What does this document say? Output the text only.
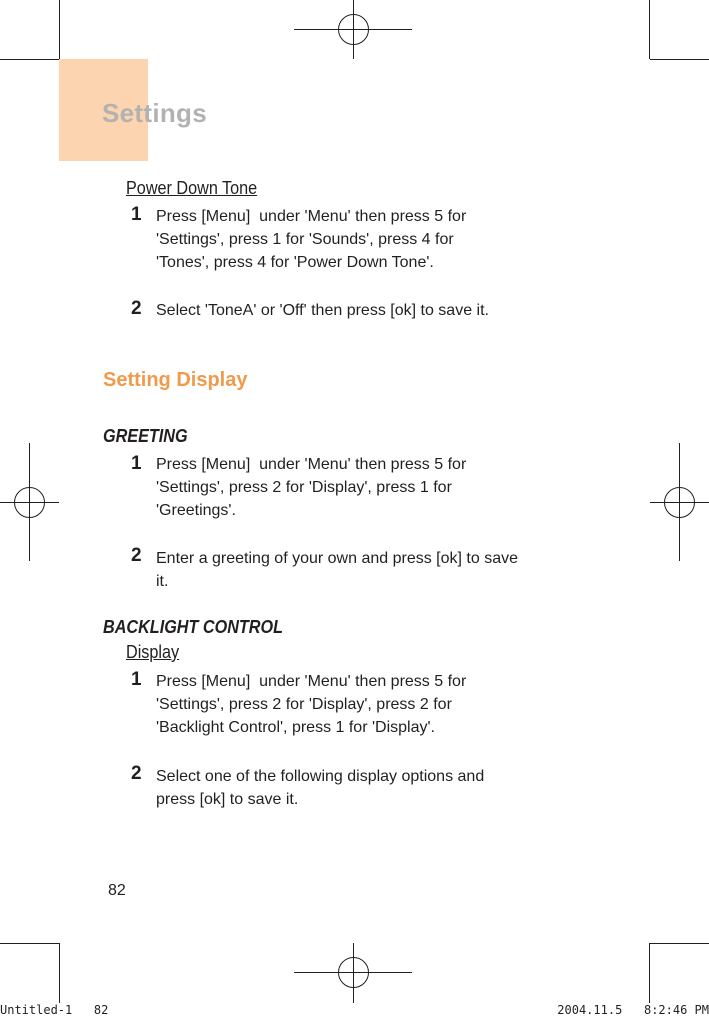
Settings
Power Down Tone
1 Press [Menu]  under 'Menu' then press 5 for
'Settings', press 1 for 'Sounds', press 4 for
'Tones', press 4 for 'Power Down Tone'.

2 Select 'ToneA' or 'Off' then press [ok] to save it.

Setting Display
GREETING
1 Press [Menu]  under 'Menu' then press 5 for
'Settings', press 2 for 'Display', press 1 for
'Greetings'.

2 Enter a greeting of your own and press [ok] to save
it.

BACKLIGHT CONTROL
Display
1 Press [Menu]  under 'Menu' then press 5 for
'Settings', press 2 for 'Display', press 2 for
'Backlight Control', press 1 for 'Display'.

2 Select one of the following display options and
press [ok] to save it.

82
Untitled-1   82	2004.11.5   8:2:46 PM
